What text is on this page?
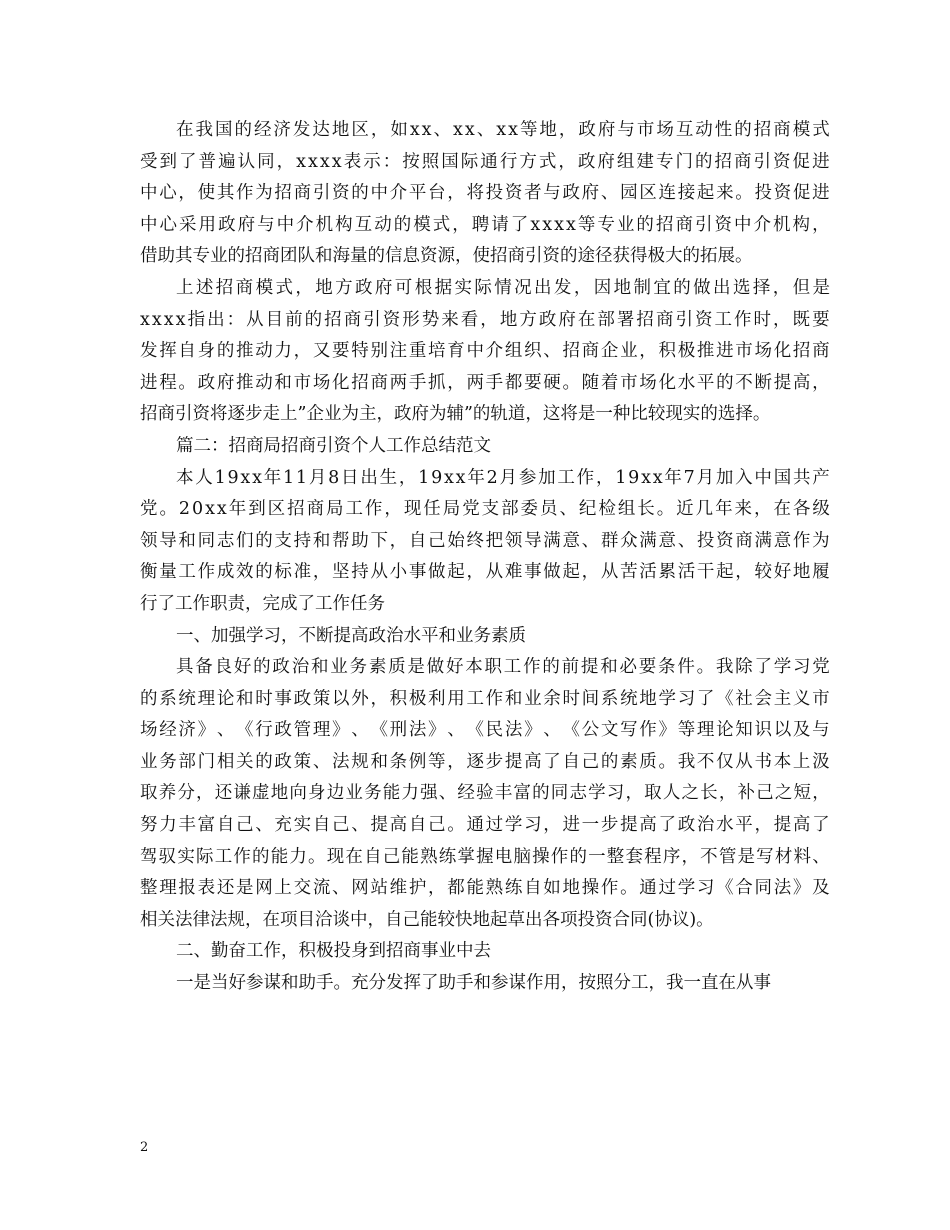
在 我 国 的 经 济 发 达 地 区 ， 如 x x 、 x x 、 x x 等 地 ， 政 府 与 市 场 互 动 性 的 招 商 模 式
受 到 了 普 遍 认 同 ， x x x x 表 示 ： 按 照 国 际 通 行 方 式 ， 政 府 组 建 专 门 的 招 商 引 资 促 进
中 心 ， 使 其 作 为 招 商 引 资 的 中 介 平 台 ， 将 投 资 者 与 政 府 、 园 区 连 接 起 来 。 投 资 促 进
中 心 采 用 政 府 与 中 介 机 构 互 动 的 模 式 ， 聘 请 了 x x x x 等 专 业 的 招 商 引 资 中 介 机 构 ，
借助其专业的招商团队和海量的信息资源，使招商引资的途径获得极大的拓展。
上 述 招 商 模 式 ， 地 方 政 府 可 根 据 实 际 情 况 出 发 ， 因 地 制 宜 的 做 出 选 择 ， 但 是
x x x x 指 出 ： 从 目 前 的 招 商 引 资 形 势 来 看 ， 地 方 政 府 在 部 署 招 商 引 资 工 作 时 ， 既 要
发 挥 自 身 的 推 动 力 ， 又 要 特 别 注 重 培 育 中 介 组 织 、 招 商 企 业 ， 积 极 推 进 市 场 化 招 商
进 程 。 政 府 推 动 和 市 场 化 招 商 两 手 抓 ， 两 手 都 要 硬 。 随 着 市 场 化 水 平 的 不 断 提 高 ，
招商引资将逐步走上”企业为主，政府为辅”的轨道，这将是一种比较现实的选择。
篇二：招商局招商引资个人工作总结范文
本 人 1 9 x x 年 1 1 月 8 日 出 生 ， 1 9 x x 年 2 月 参 加 工 作 ， 1 9 x x 年 7 月 加 入 中 国 共 产
党 。 2 0 x x 年 到 区 招 商 局 工 作 ， 现 任 局 党 支 部 委 员 、 纪 检 组 长 。 近 几 年 来 ， 在 各 级
领 导 和 同 志 们 的 支 持 和 帮 助 下 ， 自 己 始 终 把 领 导 满 意 、 群 众 满 意 、 投 资 商 满 意 作 为
衡 量 工 作 成 效 的 标 准 ， 坚 持 从 小 事 做 起 ， 从 难 事 做 起 ， 从 苦 活 累 活 干 起 ， 较 好 地 履
行了工作职责，完成了工作任务
一、加强学习，不断提高政治水平和业务素质
具 备 良 好 的 政 治 和 业 务 素 质 是 做 好 本 职 工 作 的 前 提 和 必 要 条 件 。 我 除 了 学 习 党
的 系 统 理 论 和 时 事 政 策 以 外 ， 积 极 利 用 工 作 和 业 余 时 间 系 统 地 学 习 了 《 社 会 主 义 市
场 经 济 》 、 《 行 政 管 理 》 、 《 刑 法 》 、 《 民 法 》 、 《 公 文 写 作 》 等 理 论 知 识 以 及 与
业 务 部 门 相 关 的 政 策 、 法 规 和 条 例 等 ， 逐 步 提 高 了 自 己 的 素 质 。 我 不 仅 从 书 本 上 汲
取 养 分 ， 还 谦 虚 地 向 身 边 业 务 能 力 强 、 经 验 丰 富 的 同 志 学 习 ， 取 人 之 长 ， 补 己 之 短 ，
努 力 丰 富 自 己 、 充 实 自 己 、 提 高 自 己 。 通 过 学 习 ， 进 一 步 提 高 了 政 治 水 平 ， 提 高 了
驾 驭 实 际 工 作 的 能 力 。 现 在 自 己 能 熟 练 掌 握 电 脑 操 作 的 一 整 套 程 序 ， 不 管 是 写 材 料 、
整 理 报 表 还 是 网 上 交 流 、 网 站 维 护 ， 都 能 熟 练 自 如 地 操 作 。 通 过 学 习 《 合 同 法 》 及
相关法律法规，在项目洽谈中，自己能较快地起草出各项投资合同(协议)。
二、勤奋工作，积极投身到招商事业中去
一是当好参谋和助手。充分发挥了助手和参谋作用，按照分工，我一直在从事
2
